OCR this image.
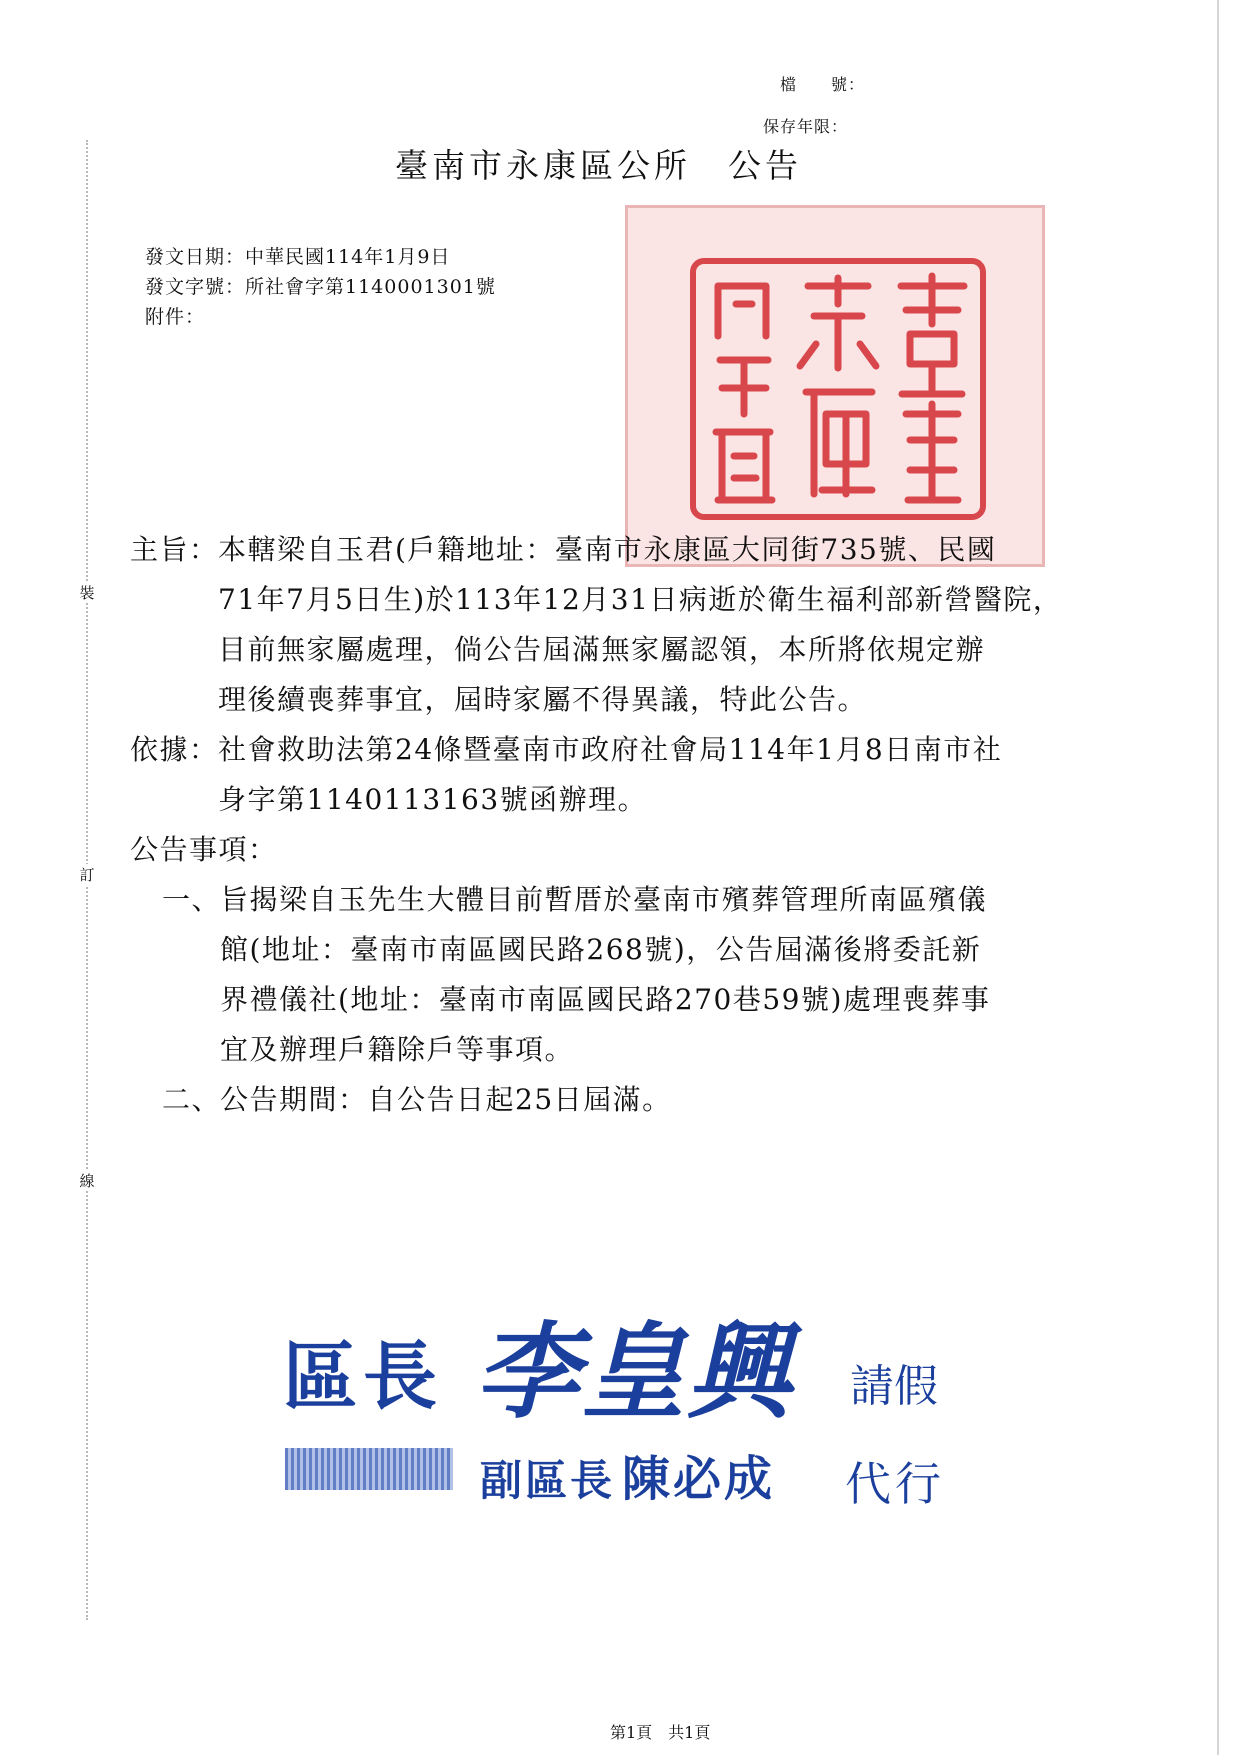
裝
訂
線
檔　　號：
保存年限：
臺南市永康區公所　公告
發文日期：中華民國114年1月9日
發文字號：所社會字第1140001301號
附件：
主旨： 本轄梁自玉君(戶籍地址：臺南市永康區大同街735號、民國
71年7月5日生)於113年12月31日病逝於衛生福利部新營醫院，
目前無家屬處理，倘公告屆滿無家屬認領，本所將依規定辦
理後續喪葬事宜，屆時家屬不得異議，特此公告。
依據： 社會救助法第24條暨臺南市政府社會局114年1月8日南市社
身字第1140113163號函辦理。
公告事項：
一、
旨揭梁自玉先生大體目前暫厝於臺南市殯葬管理所南區殯儀
館(地址：臺南市南區國民路268號)，公告屆滿後將委託新
界禮儀社(地址：臺南市南區國民路270巷59號)處理喪葬事
宜及辦理戶籍除戶等事項。
二、
公告期間：自公告日起25日屆滿。
區長 李皇興 請假
副區長 陳必成 代行
第1頁　共1頁
